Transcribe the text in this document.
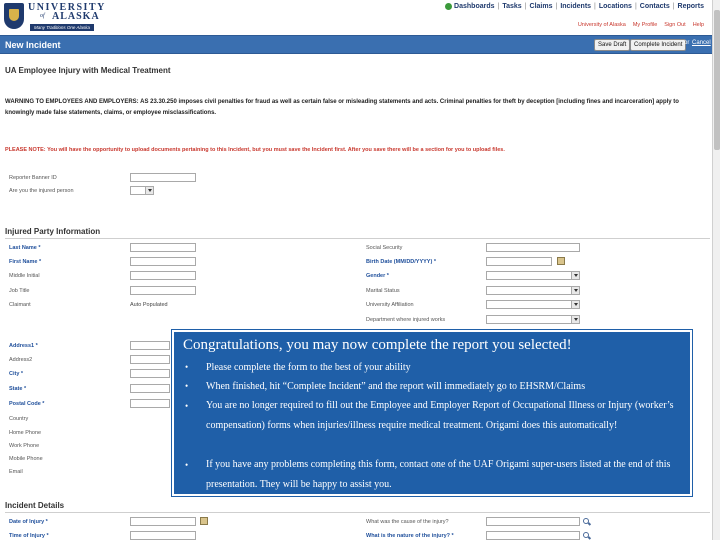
UNIVERSITY
of ALASKA
Many Traditions One Alaska
Dashboards | Tasks | Claims | Incidents | Locations | Contacts | Reports
University of Alaska My Profile Sign Out Help
New Incident	Save Draft	Complete Incident or Cancel
UA Employee Injury with Medical Treatment
WARNING TO EMPLOYEES AND EMPLOYERS: AS 23.30.250 imposes civil penalties for fraud as well as certain false or misleading statements and acts. Criminal penalties for theft by deception [including fines and incarceration] apply to knowingly made false statements, claims, or employee misclassifications.
PLEASE NOTE: You will have the opportunity to upload documents pertaining to this Incident, but you must save the Incident first. After you save there will be a section for you to upload files.
Reporter Banner ID
Are you the injured person
Injured Party Information
Last Name *
First Name *
Middle Initial
Job Title
Claimant	Auto Populated
Social Security
Birth Date (MM/DD/YYYY) *
Gender *
Marital Status
University Affiliation
Department where injured works
Address1 *
Address2
City *
State *
Postal Code *
Country
Home Phone
Work Phone
Mobile Phone
Email
Incident Details
Date of Injury *
Time of Injury *
What was the cause of the injury?
What is the nature of the injury? *
Congratulations, you may now complete the report you selected!
• Please complete the form to the best of your ability
• When finished, hit “Complete Incident” and the report will immediately go to EHSRM/Claims
• You are no longer required to fill out the Employee and Employer Report of Occupational Illness or Injury (worker’s compensation) forms when injuries/illness require medical treatment. Origami does this automatically!
• If you have any problems completing this form, contact one of the UAF Origami super-users listed at the end of this presentation. They will be happy to assist you.
